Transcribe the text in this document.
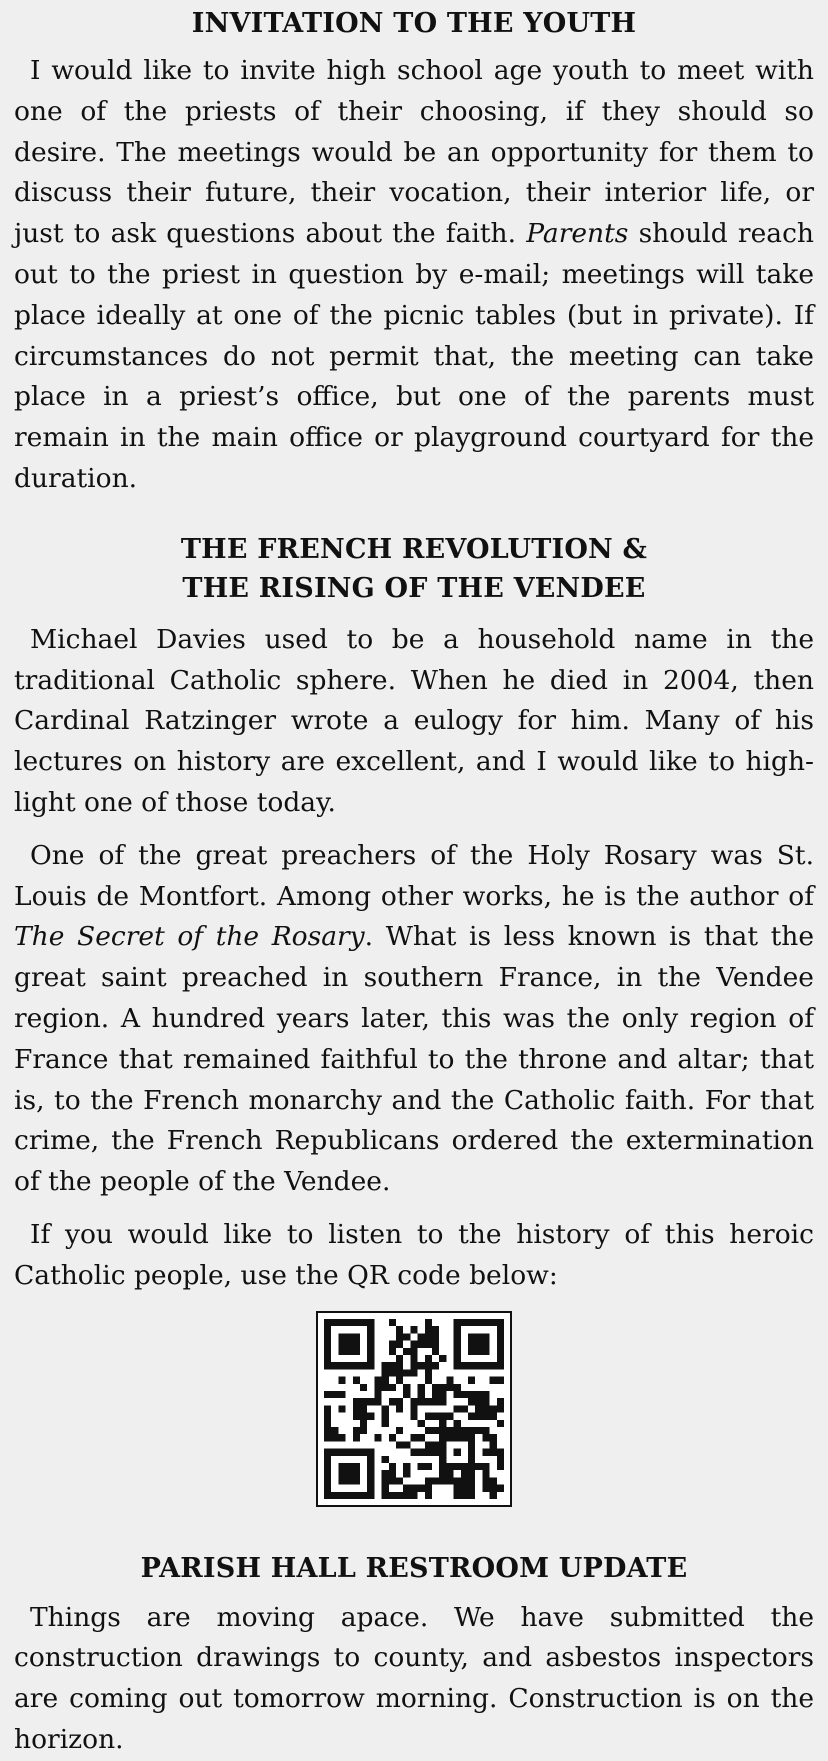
INVITATION TO THE YOUTH

I would like to invite high school age youth to meet with one of the priests of their choosing, if they should so desire. The meetings would be an opportunity for them to discuss their future, their vocation, their interior life, or just to ask questions about the faith. Parents should reach out to the priest in question by e-mail; meetings will take place ideally at one of the picnic tables (but in private). If circumstances do not permit that, the meeting can take place in a priest’s office, but one of the parents must remain in the main office or playground courtyard for the duration.

THE FRENCH REVOLUTION &
THE RISING OF THE VENDEE

Michael Davies used to be a household name in the traditional Catholic sphere. When he died in 2004, then Cardinal Ratzinger wrote a eulogy for him. Many of his lectures on history are excellent, and I would like to high-light one of those today.

One of the great preachers of the Holy Rosary was St. Louis de Montfort. Among other works, he is the author of The Secret of the Rosary. What is less known is that the great saint preached in southern France, in the Vendee region. A hundred years later, this was the only region of France that remained faithful to the throne and altar; that is, to the French monarchy and the Catholic faith. For that crime, the French Republicans ordered the extermination of the people of the Vendee.

If you would like to listen to the history of this heroic Catholic people, use the QR code below:

PARISH HALL RESTROOM UPDATE

Things are moving apace. We have submitted the construction drawings to county, and asbestos inspectors are coming out tomorrow morning. Construction is on the horizon.
